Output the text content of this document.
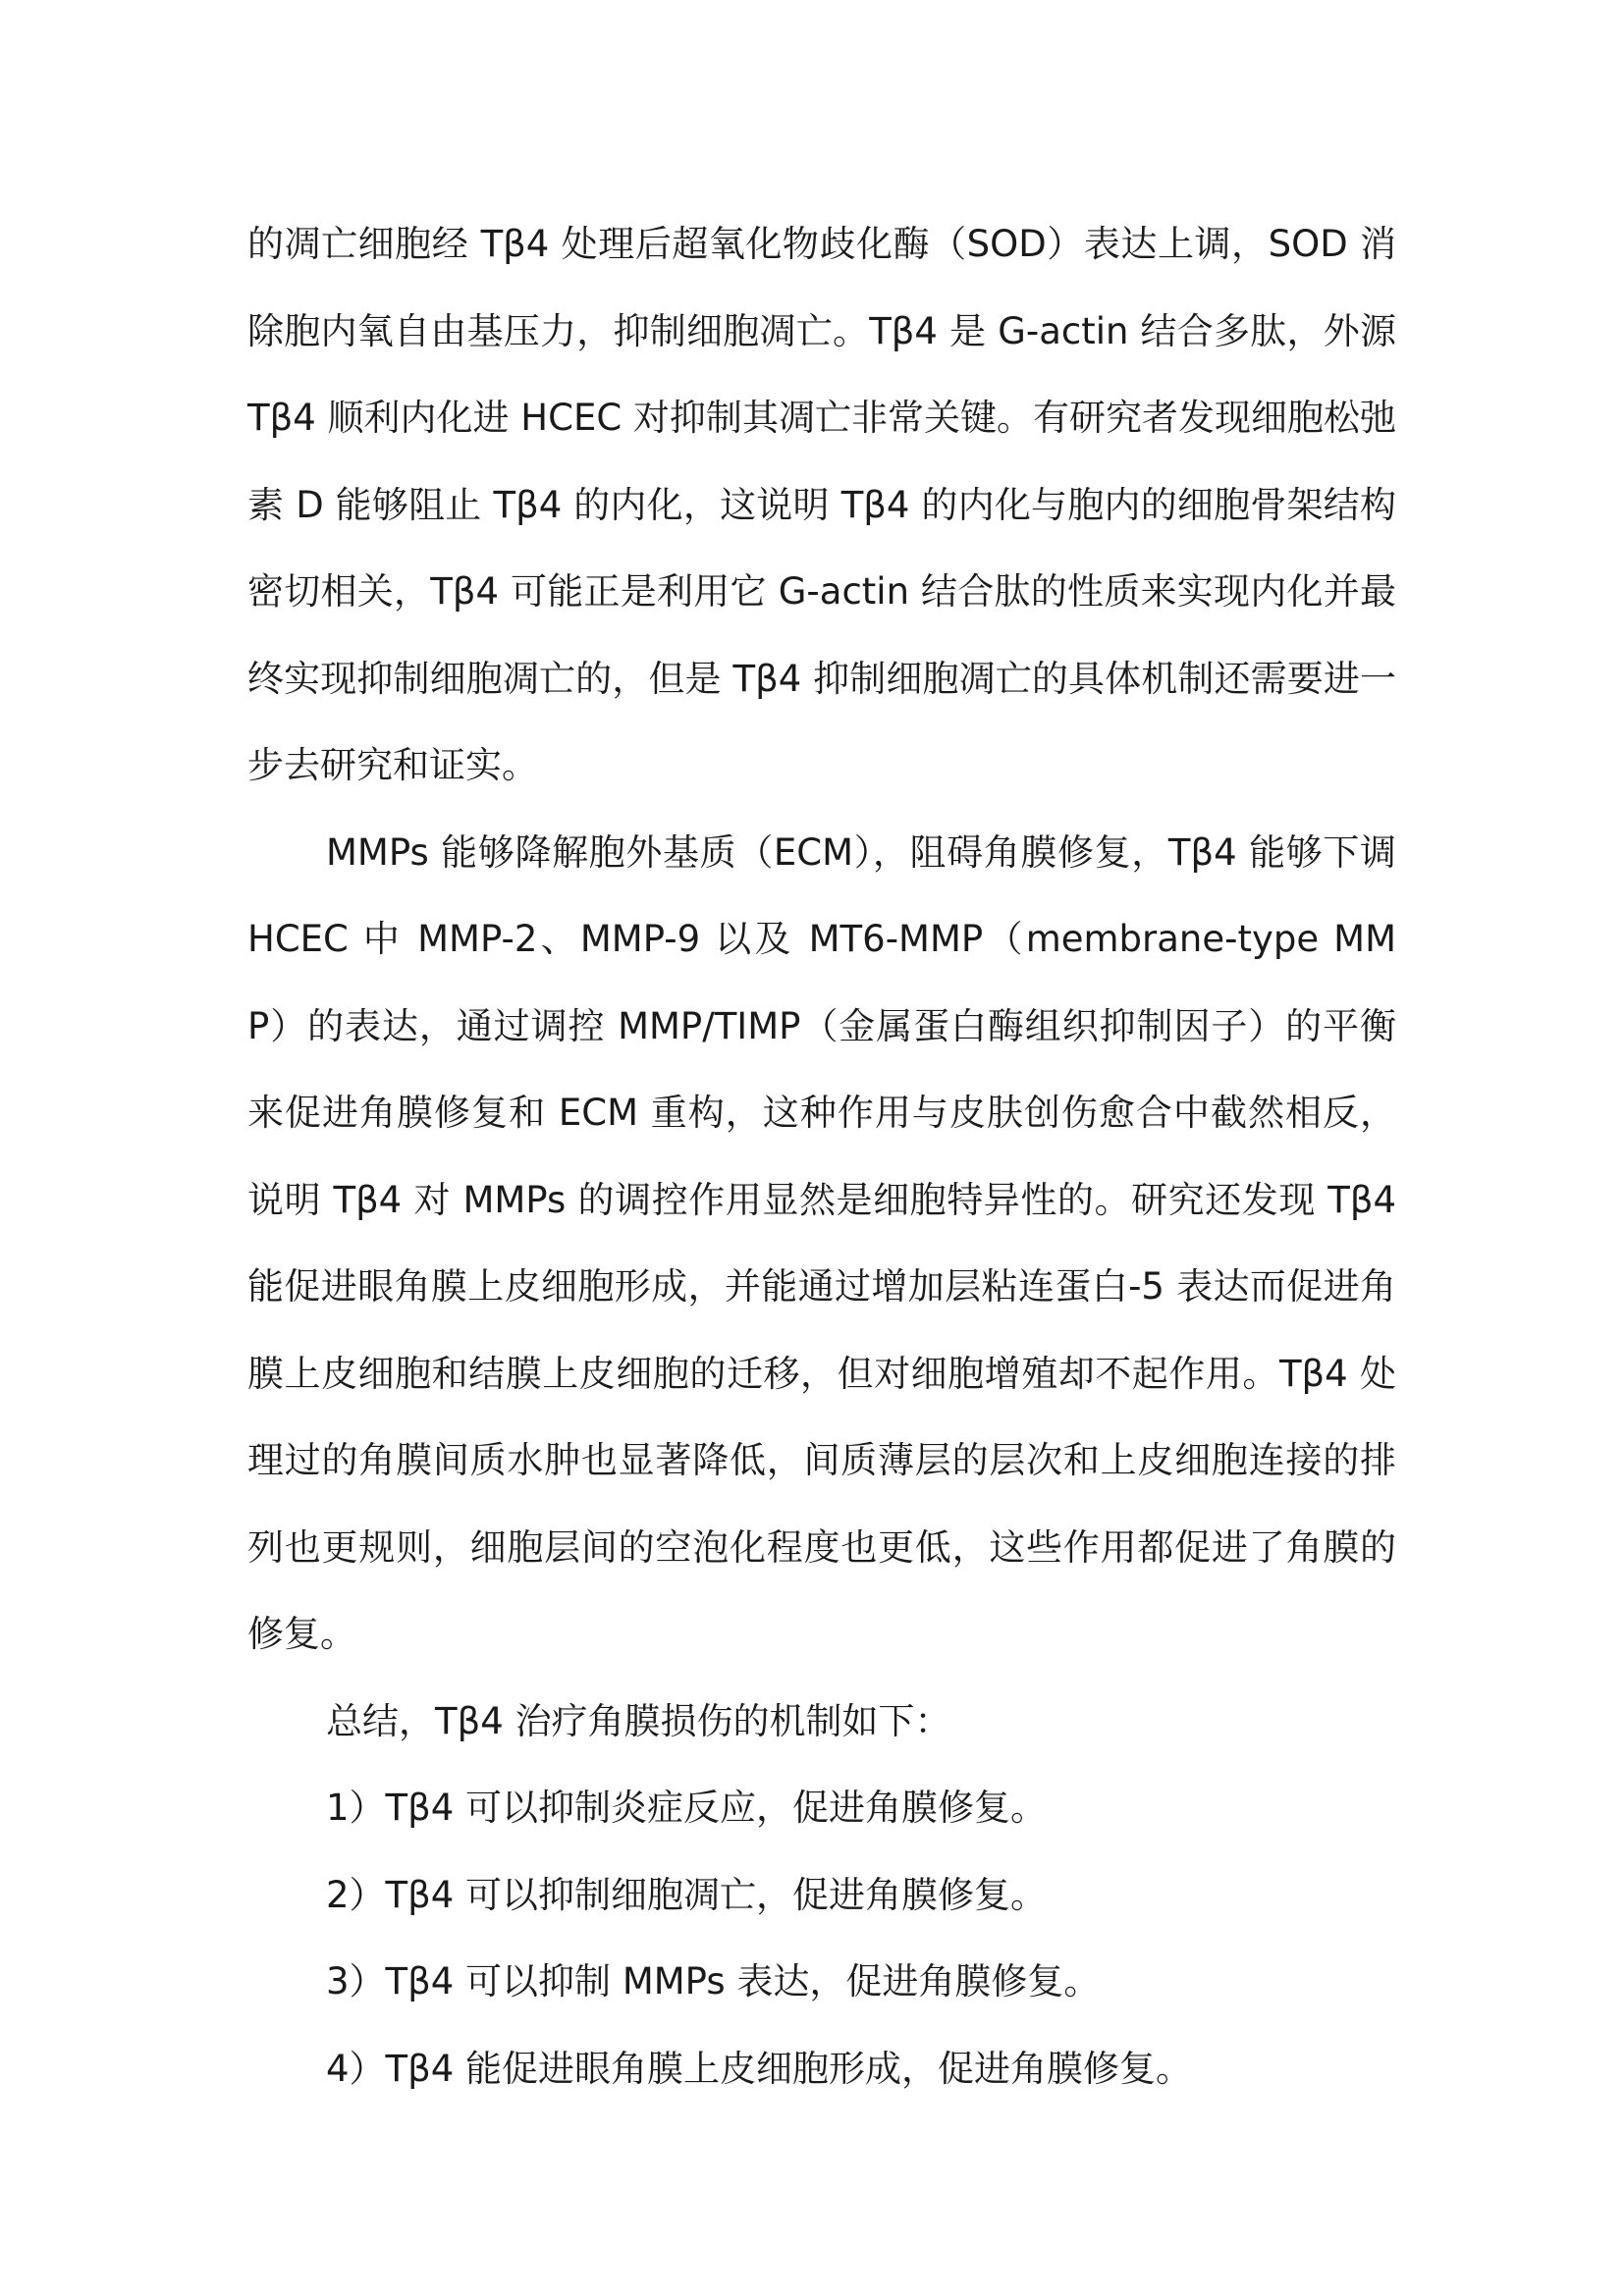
的凋亡细胞经 Tβ4 处理后超氧化物歧化酶（SOD）表达上调，SOD 消除胞内氧自由基压力，抑制细胞凋亡。Tβ4 是 G-actin 结合多肽，外源 Tβ4 顺利内化进 HCEC 对抑制其凋亡非常关键。有研究者发现细胞松弛素 D 能够阻止 Tβ4 的内化，这说明 Tβ4 的内化与胞内的细胞骨架结构密切相关，Tβ4 可能正是利用它 G-actin 结合肽的性质来实现内化并最终实现抑制细胞凋亡的，但是 Tβ4 抑制细胞凋亡的具体机制还需要进一步去研究和证实。

MMPs 能够降解胞外基质（ECM），阻碍角膜修复，Tβ4 能够下调 HCEC 中 MMP-2、MMP-9 以及 MT6-MMP（membrane-type MMP）的表达，通过调控 MMP/TIMP（金属蛋白酶组织抑制因子）的平衡来促进角膜修复和 ECM 重构，这种作用与皮肤创伤愈合中截然相反，说明 Tβ4 对 MMPs 的调控作用显然是细胞特异性的。研究还发现 Tβ4 能促进眼角膜上皮细胞形成，并能通过增加层粘连蛋白-5 表达而促进角膜上皮细胞和结膜上皮细胞的迁移，但对细胞增殖却不起作用。Tβ4 处理过的角膜间质水肿也显著降低，间质薄层的层次和上皮细胞连接的排列也更规则，细胞层间的空泡化程度也更低，这些作用都促进了角膜的修复。

总结，Tβ4 治疗角膜损伤的机制如下：

1）Tβ4 可以抑制炎症反应，促进角膜修复。

2）Tβ4 可以抑制细胞凋亡，促进角膜修复。

3）Tβ4 可以抑制 MMPs 表达，促进角膜修复。

4）Tβ4 能促进眼角膜上皮细胞形成，促进角膜修复。
